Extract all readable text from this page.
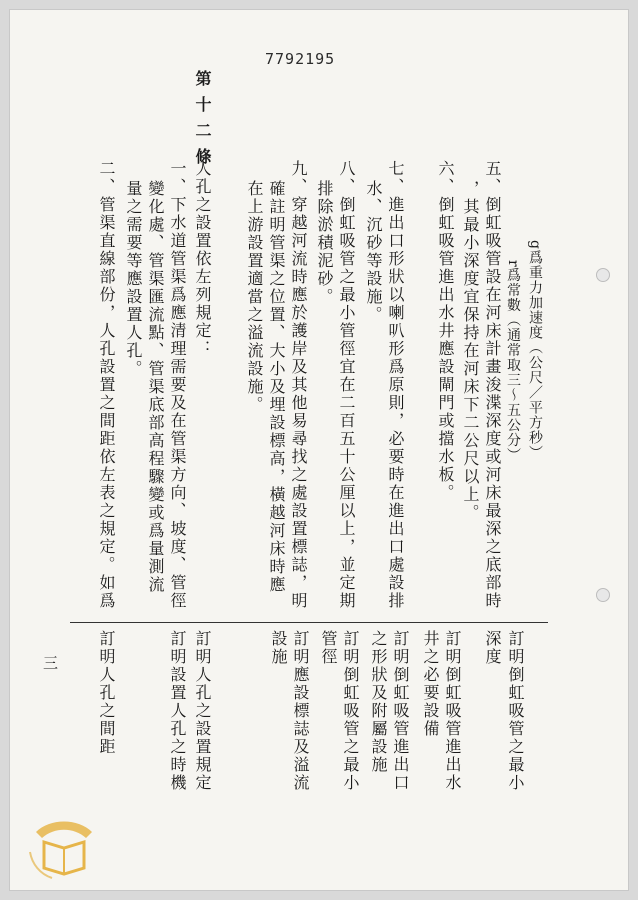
7792195
g爲重力加速度（公尺／平方秒）
r爲常數（通常取三～五公分）
五、倒虹吸管設在河床計畫浚渫深度或河床最深之底部時
，其最小深度宜保持在河床下二公尺以上。
六、倒虹吸管進出水井應設閘門或擋水板。
七、進出口形狀以喇叭形爲原則，必要時在進出口處設排
水、沉砂等設施。
八、倒虹吸管之最小管徑宜在二百五十公厘以上，並定期
排除淤積泥砂。
九、穿越河流時應於護岸及其他易尋找之處設置標誌，明
確註明管渠之位置、大小及埋設標高，橫越河床時應
在上游設置適當之溢流設施。
第十二條
人孔之設置依左列規定：
一、下水道管渠爲應清理需要及在管渠方向、坡度、管徑
變化處、管渠匯流點、管渠底部高程驟變或爲量測流
量之需要等應設置人孔。
二、管渠直線部份，人孔設置之間距依左表之規定。如爲
訂明倒虹吸管之最小
深度
訂明倒虹吸管進出水
井之必要設備
訂明倒虹吸管進出口
之形狀及附屬設施
訂明倒虹吸管之最小
管徑
訂明應設標誌及溢流
設施
訂明人孔之設置規定
訂明設置人孔之時機
訂明人孔之間距
三
